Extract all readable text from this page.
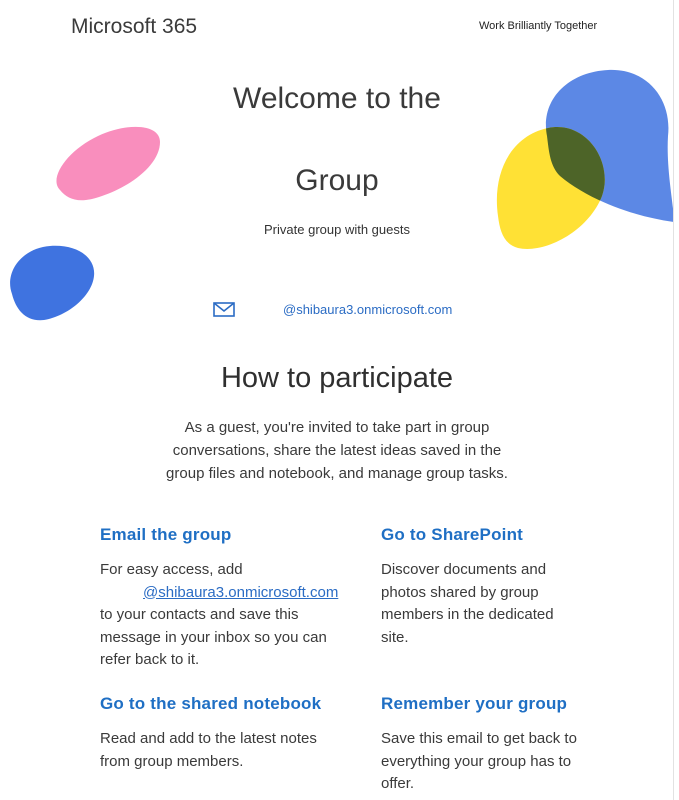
Microsoft 365	Work Brilliantly Together
Welcome to the
Group
Private group with guests
@shibaura3.onmicrosoft.com
How to participate
As a guest, you're invited to take part in group conversations, share the latest ideas saved in the group files and notebook, and manage group tasks.
Email the group

For easy access, add
@shibaura3.onmicrosoft.com to your contacts and save this message in your inbox so you can refer back to it.

Go to SharePoint

Discover documents and photos shared by group members in the dedicated site.

Go to the shared notebook

Read and add to the latest notes from group members.

Remember your group

Save this email to get back to everything your group has to offer.
